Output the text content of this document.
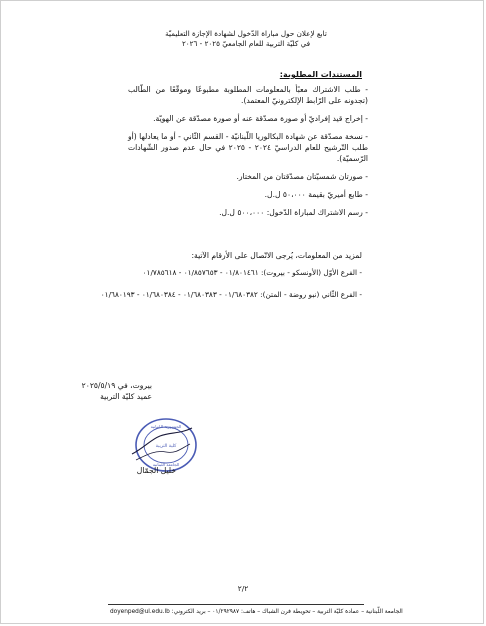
تابع لإعلان حول مباراة الدّخول لشهادة الإجازة التعليميّة
في كليّة التربية للعام الجامعيّ ٢٠٢٥ - ٢٠٢٦
المستندات المطلوبة:
- طلب الاشتراك معبًأ بالمعلومات المطلوبة مطبوعًا وموقّعًا من الطّالب (تجدونه على الرّابط الإلكترونيّ المعتمد).
- إخراج قيد إفراديّ أو صورة مصدّقة عنه أو صورة مصدّقة عن الهويّة.
- نسخة مصدّقة عن شهادة البكالوريا اللّبنانيّة - القسم الثّاني - أو ما يعادلها (أو طلب التّرشيح للعام الدراسيّ ٢٠٢٤ - ٢٠٢٥ في حال عدم صدور الشّهادات الرّسميّة).
- صورتان شمسيّتان مصدّقتان من المختار.
- طابع أميريّ بقيمة ٥٠،٠٠٠ ل.ل.
- رسم الاشتراك لمباراة الدّخول: ٥٠٠،٠٠٠ ل.ل.
لمزيد من المعلومات، يُرجى الاتّصال على الأرقام الآتية:
- الفرع الأوّل (الأونسكو - بيروت): ٠١/٨٠١٤٦١ - ٠١/٨٥٧٦٥٣ - ٠١/٧٨٥٦١٨
- الفرع الثّاني (نبو روضة - المتن): ٠١/٦٨٠٣٨٢ - ٠١/٦٨٠٣٨٣ - ٠١/٦٨٠٣٨٤ - ٠١/٦٨٠١٩٣
بيروت، في ٢٠٢٥/٥/١٩
عميد كليّة التربية
الجمهورية اللبنانية
كلية التربية
الجامعة اللبنانية
خليل الجمّال
٢/٢
doyenped@ul.edu.lb الجامعة اللّبنانية – عمادة كليّة التربية – تحويطة فرن الشباك – هاتف: ٠١/٢٩٢٩٨٧ – بريد الكتروني:
